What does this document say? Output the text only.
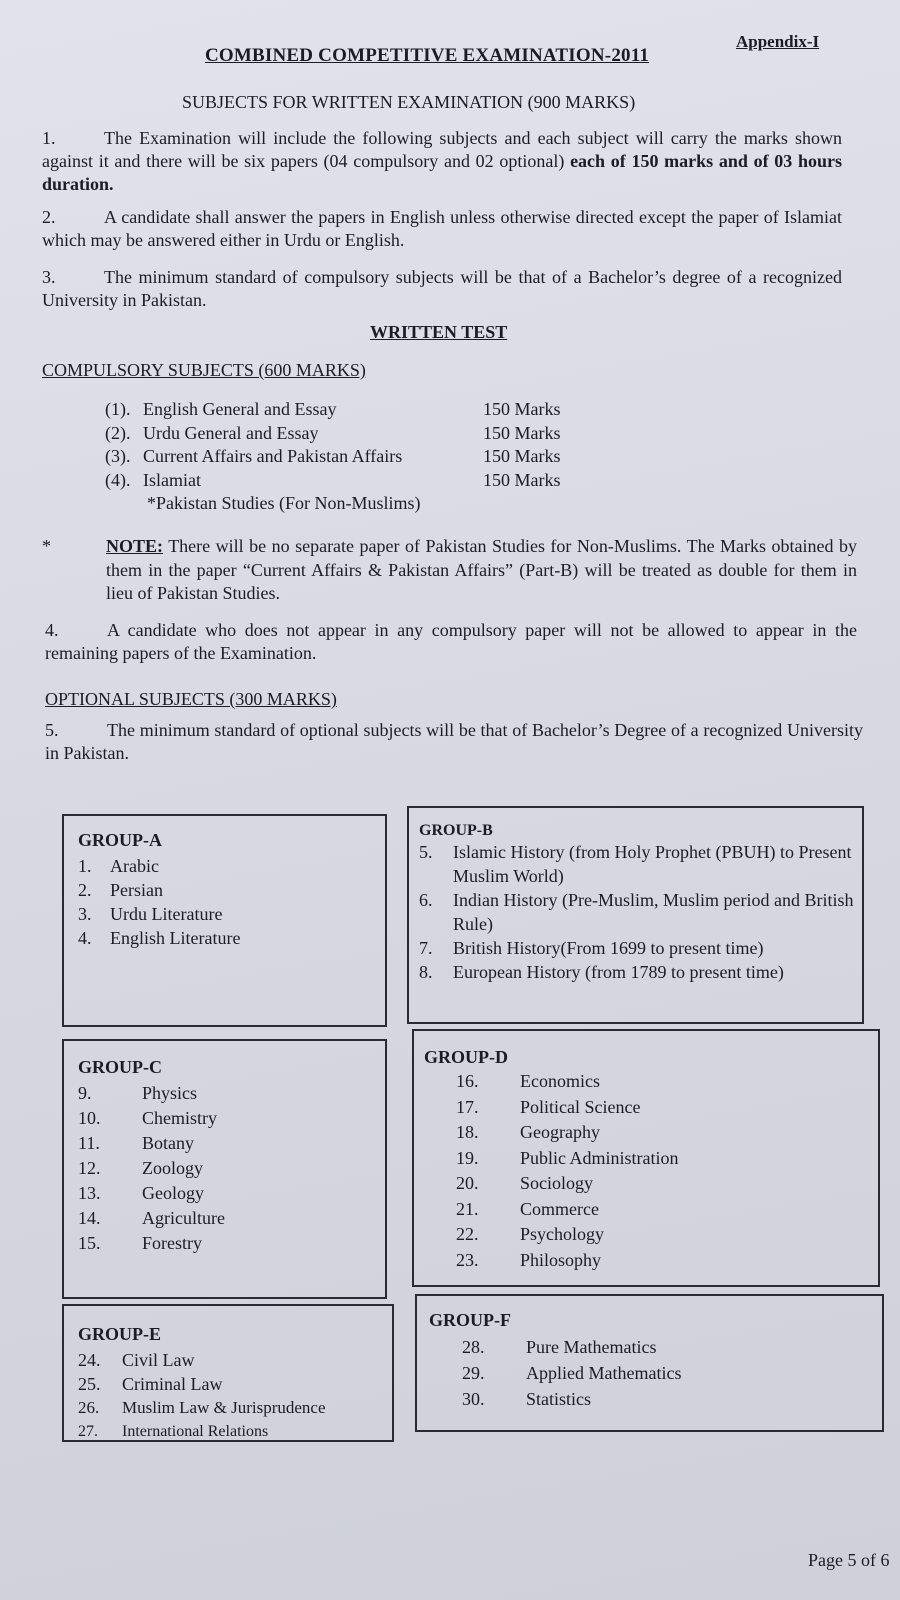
Appendix-I
COMBINED COMPETITIVE EXAMINATION-2011
SUBJECTS FOR WRITTEN EXAMINATION (900 MARKS)
1.	The Examination will include the following subjects and each subject will carry the marks shown against it and there will be six papers (04 compulsory and 02 optional) each of 150 marks and of 03 hours duration.
2.	A candidate shall answer the papers in English unless otherwise directed except the paper of Islamiat which may be answered either in Urdu or English.
3.	The minimum standard of compulsory subjects will be that of a Bachelor’s degree of a recognized University in Pakistan.
WRITTEN TEST
COMPULSORY SUBJECTS (600 MARKS)
(1). English General and Essay	150 Marks
(2). Urdu General and Essay	150 Marks
(3). Current Affairs and Pakistan Affairs	150 Marks
(4). Islamiat	150 Marks
*Pakistan Studies (For Non-Muslims)
*	NOTE: There will be no separate paper of Pakistan Studies for Non-Muslims. The Marks obtained by them in the paper “Current Affairs & Pakistan Affairs” (Part-B) will be treated as double for them in lieu of Pakistan Studies.
4.	A candidate who does not appear in any compulsory paper will not be allowed to appear in the remaining papers of the Examination.
OPTIONAL SUBJECTS (300 MARKS)
5.	The minimum standard of optional subjects will be that of Bachelor’s Degree of a recognized University in Pakistan.
GROUP-A
1.	Arabic
2.	Persian
3.	Urdu Literature
4.	English Literature
GROUP-B
5.	Islamic History (from Holy Prophet (PBUH) to Present Muslim World)
6.	Indian History (Pre-Muslim, Muslim period and British Rule)
7.	British History(From 1699 to present time)
8.	European History (from 1789 to present time)
GROUP-C
9.	Physics
10.	Chemistry
11.	Botany
12.	Zoology
13.	Geology
14.	Agriculture
15.	Forestry
GROUP-D
16.	Economics
17.	Political Science
18.	Geography
19.	Public Administration
20.	Sociology
21.	Commerce
22.	Psychology
23.	Philosophy
GROUP-E
24.	Civil Law
25.	Criminal Law
26.	Muslim Law & Jurisprudence
27.	International Relations
GROUP-F
28.	Pure Mathematics
29.	Applied Mathematics
30.	Statistics
Page 5 of 6
